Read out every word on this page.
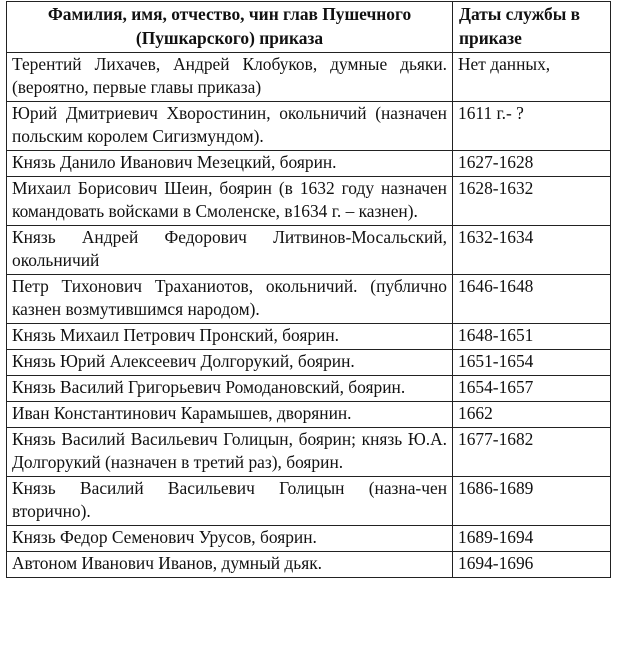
Фамилия, имя, отчество, чин глав Пушечного (Пушкарского) приказа	Даты службы в приказе
Терентий Лихачев, Андрей Клобуков, думные дьяки. (вероятно, первые главы приказа)	Нет данных,
Юрий Дмитриевич Хворостинин, окольничий (назначен польским королем Сигизмундом).	1611 г.- ?
Князь Данило Иванович Мезецкий, боярин.	1627-1628
Михаил Борисович Шеин, боярин (в 1632 году назначен командовать войсками в Смоленске, в1634 г. – казнен).	1628-1632
Князь Андрей Федорович Литвинов-Мосальский, окольничий	1632-1634
Петр Тихонович Траханиотов, окольничий. (публично казнен возмутившимся народом).	1646-1648
Князь Михаил Петрович Пронский, боярин.	1648-1651
Князь Юрий Алексеевич Долгорукий, боярин.	1651-1654
Князь Василий Григорьевич Ромодановский, боярин.	1654-1657
Иван Константинович Карамышев, дворянин.	1662
Князь Василий Васильевич Голицын, боярин; князь Ю.А. Долгорукий (назначен в третий раз), боярин.	1677-1682
Князь Василий Васильевич Голицын (назна-чен вторично).	1686-1689
Князь Федор Семенович Урусов, боярин.	1689-1694
Автоном Иванович Иванов, думный дьяк.	1694-1696
